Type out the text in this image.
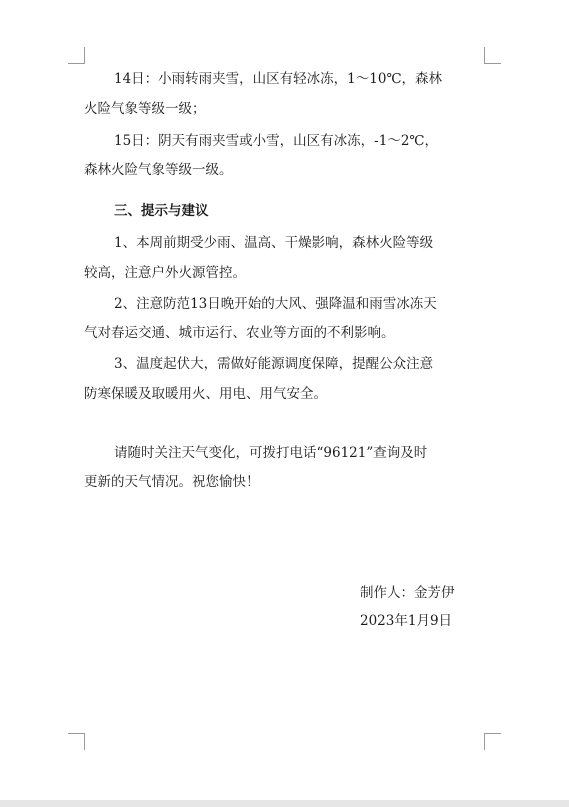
14日：小雨转雨夹雪，山区有轻冰冻，1～10℃，森林
火险气象等级一级；
15日：阴天有雨夹雪或小雪，山区有冰冻，-1～2℃，
森林火险气象等级一级。
三、提示与建议
1、本周前期受少雨、温高、干燥影响，森林火险等级
较高，注意户外火源管控。
2、注意防范13日晚开始的大风、强降温和雨雪冰冻天
气对春运交通、城市运行、农业等方面的不利影响。
3、温度起伏大，需做好能源调度保障，提醒公众注意
防寒保暖及取暖用火、用电、用气安全。
请随时关注天气变化，可拨打电话“96121”查询及时
更新的天气情况。祝您愉快！
制作人：金芳伊
2023年1月9日
